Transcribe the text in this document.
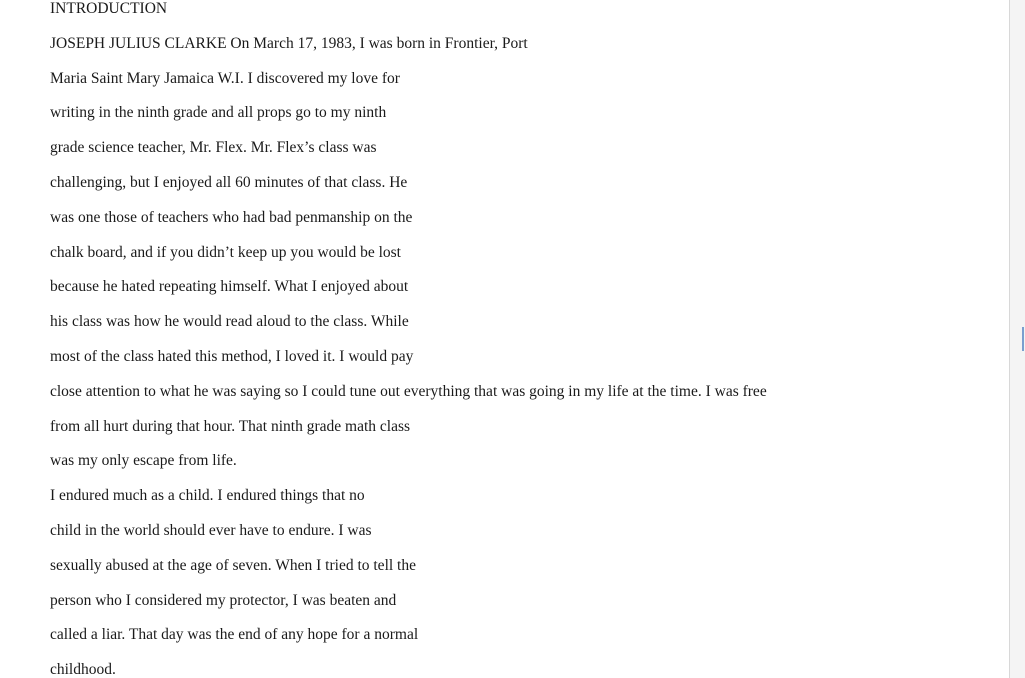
INTRODUCTION

JOSEPH JULIUS CLARKE On March 17, 1983, I was born in Frontier, Port

Maria Saint Mary Jamaica W.I. I discovered my love for

writing in the ninth grade and all props go to my ninth

grade science teacher, Mr. Flex. Mr. Flex’s class was

challenging, but I enjoyed all 60 minutes of that class. He

was one those of teachers who had bad penmanship on the

chalk board, and if you didn’t keep up you would be lost

because he hated repeating himself. What I enjoyed about

his class was how he would read aloud to the class. While

most of the class hated this method, I loved it. I would pay

close attention to what he was saying so I could tune out everything that was going in my life at the time. I was free

from all hurt during that hour. That ninth grade math class

was my only escape from life.

I endured much as a child. I endured things that no

child in the world should ever have to endure. I was

sexually abused at the age of seven. When I tried to tell the

person who I considered my protector, I was beaten and

called a liar. That day was the end of any hope for a normal

childhood.
